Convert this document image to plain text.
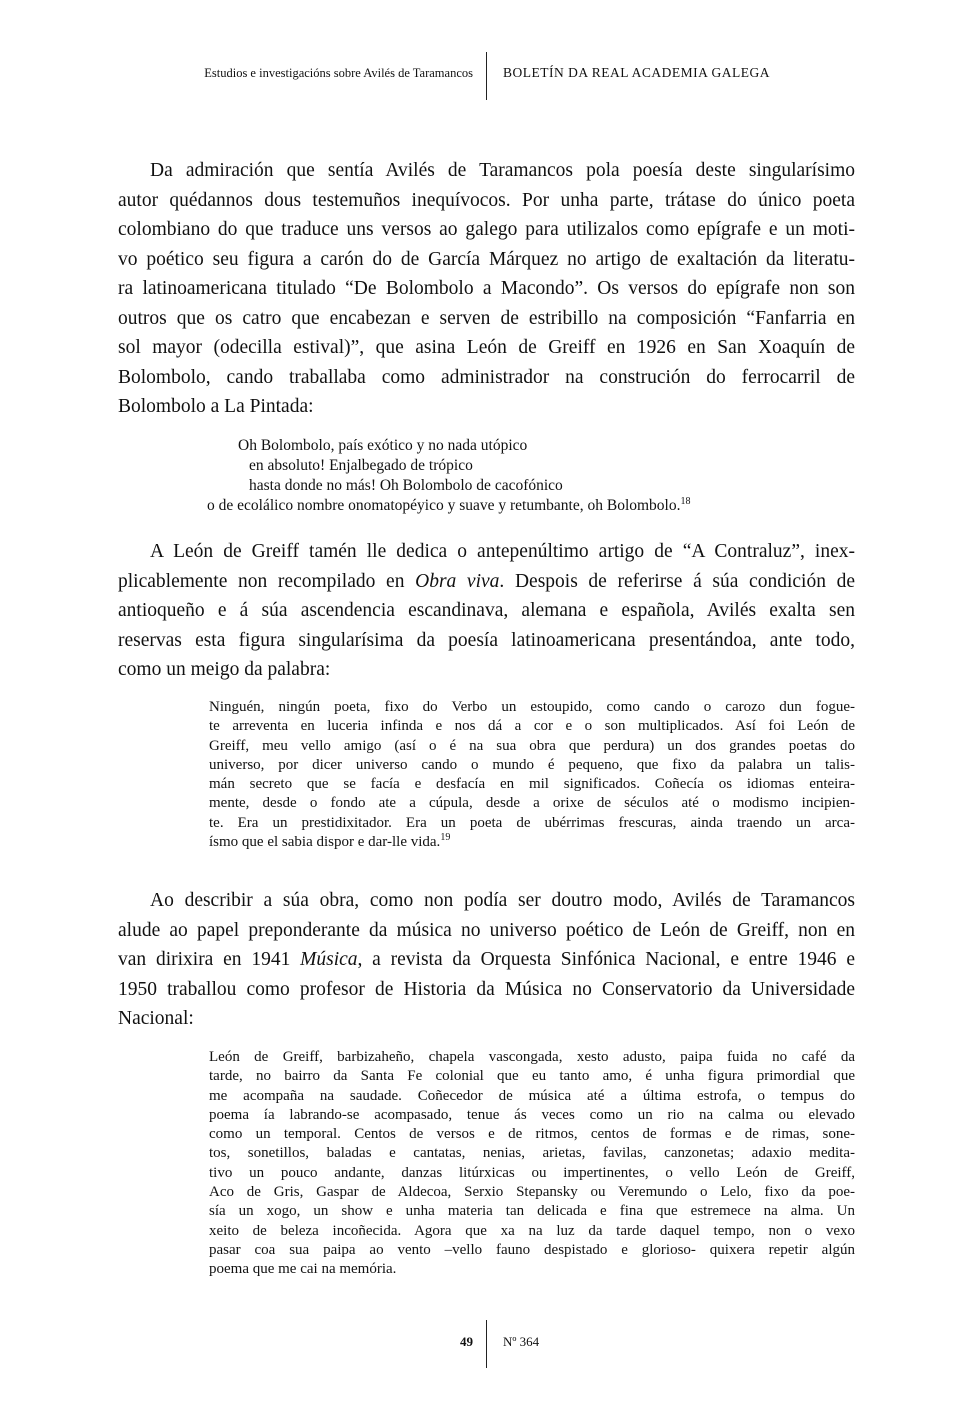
Estudios e investigacións sobre Avilés de Taramancos BOLETÍN DA REAL ACADEMIA GALEGA
Da admiración que sentía Avilés de Taramancos pola poesía deste singularísimo
autor quédannos dous testemuños inequívocos. Por unha parte, trátase do único poeta
colombiano do que traduce uns versos ao galego para utilizalos como epígrafe e un moti-
vo poético seu figura a carón do de García Márquez no artigo de exaltación da literatu-
ra latinoamericana titulado “De Bolombolo a Macondo”. Os versos do epígrafe non son
outros que os catro que encabezan e serven de estribillo na composición “Fanfarria en
sol mayor (odecilla estival)”, que asina León de Greiff en 1926 en San Xoaquín de
Bolombolo, cando traballaba como administrador na construción do ferrocarril de
Bolombolo a La Pintada:
Oh Bolombolo, país exótico y no nada utópico
en absoluto! Enjalbegado de trópico
hasta donde no más! Oh Bolombolo de cacofónico
o de ecolálico nombre onomatopéyico y suave y retumbante, oh Bolombolo.$^{18}$
A León de Greiff tamén lle dedica o antepenúltimo artigo de “A Contraluz”, inex-
plicablemente non recompilado en Obra viva. Despois de referirse á súa condición de
antioqueño e á súa ascendencia escandinava, alemana e española, Avilés exalta sen
reservas esta figura singularísima da poesía latinoamericana presentándoa, ante todo,
como un meigo da palabra:
Ninguén, ningún poeta, fixo do Verbo un estoupido, como cando o carozo dun fogue-
te arreventa en luceria infinda e nos dá a cor e o son multiplicados. Así foi León de
Greiff, meu vello amigo (así o é na sua obra que perdura) un dos grandes poetas do
universo, por dicer universo cando o mundo é pequeno, que fixo da palabra un talis-
mán secreto que se facía e desfacía en mil significados. Coñecía os idiomas enteira-
mente, desde o fondo ate a cúpula, desde a orixe de séculos até o modismo incipien-
te. Era un prestidixitador. Era un poeta de ubérrimas frescuras, ainda traendo un arca-
ísmo que el sabia dispor e dar-lle vida.$^{19}$
Ao describir a súa obra, como non podía ser doutro modo, Avilés de Taramancos
alude ao papel preponderante da música no universo poético de León de Greiff, non en
van dirixira en 1941 Música, a revista da Orquesta Sinfónica Nacional, e entre 1946 e
1950 traballou como profesor de Historia da Música no Conservatorio da Universidade
Nacional:
León de Greiff, barbizaheño, chapela vascongada, xesto adusto, paipa fuida no café da
tarde, no bairro da Santa Fe colonial que eu tanto amo, é unha figura primordial que
me acompaña na saudade. Coñecedor de música até a última estrofa, o tempus do
poema ía labrando-se acompasado, tenue ás veces como un rio na calma ou elevado
como un temporal. Centos de versos e de ritmos, centos de formas e de rimas, sone-
tos, sonetillos, baladas e cantatas, nenias, arietas, favilas, canzonetas; adaxio medita-
tivo un pouco andante, danzas litúrxicas ou impertinentes, o vello León de Greiff,
Aco de Gris, Gaspar de Aldecoa, Serxio Stepansky ou Veremundo o Lelo, fixo da poe-
sía un xogo, un show e unha materia tan delicada e fina que estremece na alma. Un
xeito de beleza incoñecida. Agora que xa na luz da tarde daquel tempo, non o vexo
pasar coa sua paipa ao vento –vello fauno despistado e glorioso- quixera repetir algún
poema que me cai na memória.
49 Nº 364
